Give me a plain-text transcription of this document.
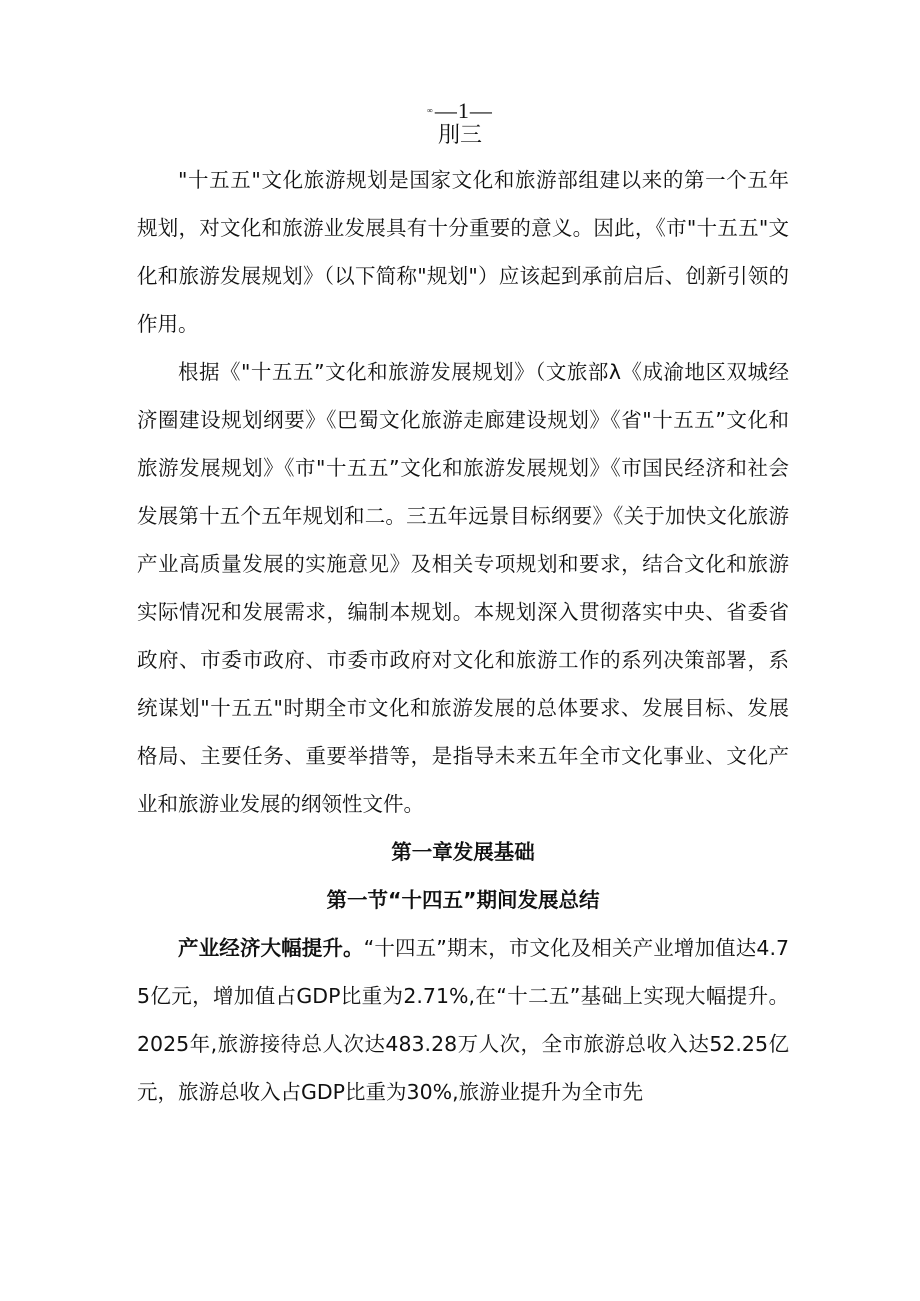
∞—1—
刖三

"十五五"文化旅游规划是国家文化和旅游部组建以来的第一个五年规划，对文化和旅游业发展具有十分重要的意义。因此，《市"十五五"文化和旅游发展规划》（以下简称"规划"）应该起到承前启后、创新引领的作用。

根据《"十五五”文化和旅游发展规划》（文旅部λ《成渝地区双城经济圈建设规划纲要》《巴蜀文化旅游走廊建设规划》《省"十五五”文化和旅游发展规划》《市"十五五”文化和旅游发展规划》《市国民经济和社会发展第十五个五年规划和二。三五年远景目标纲要》《关于加快文化旅游产业高质量发展的实施意见》及相关专项规划和要求，结合文化和旅游实际情况和发展需求，编制本规划。本规划深入贯彻落实中央、省委省政府、市委市政府、市委市政府对文化和旅游工作的系列决策部署，系统谋划"十五五"时期全市文化和旅游发展的总体要求、发展目标、发展格局、主要任务、重要举措等，是指导未来五年全市文化事业、文化产业和旅游业发展的纲领性文件。

第一章发展基础

第一节“十四五”期间发展总结

产业经济大幅提升。“十四五”期末，市文化及相关产业增加值达4.75亿元，增加值占GDP比重为2.71%,在“十二五”基础上实现大幅提升。2025年,旅游接待总人次达483.28万人次，全市旅游总收入达52.25亿元，旅游总收入占GDP比重为30%,旅游业提升为全市先
